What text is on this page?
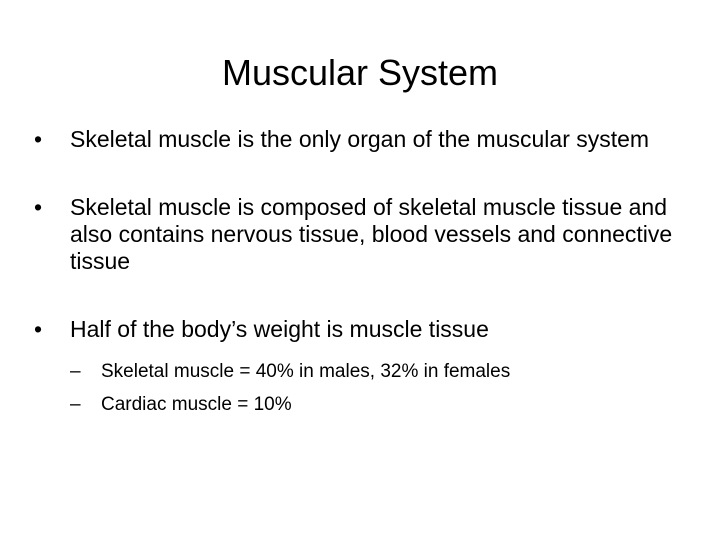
Muscular System
•	Skeletal muscle is the only organ of the muscular system
•	Skeletal muscle is composed of skeletal muscle tissue and also contains nervous tissue, blood vessels and connective tissue
•	Half of the body’s weight is muscle tissue
–	Skeletal muscle = 40% in males, 32% in females
–	Cardiac muscle = 10%
